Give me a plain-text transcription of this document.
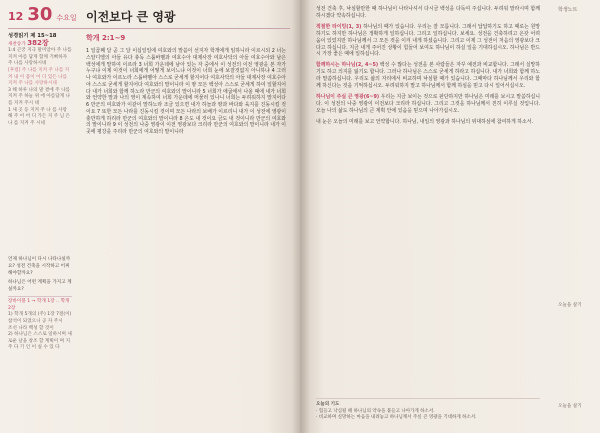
12 30 수요일 이전보다 큰 영광
성경읽기 제 15~18
새찬송가 382장
1:4 곤궁 지극 말미암아 주 나를 지켜 아름 답게 함께 기뻐하자 주 나를 사랑하시네
[후렴] 주 나를 지켜 주 나를 지켜 내 이 몸이 어 디 있든 나를 지켜 주 나를 사랑하시네
3 해 하루 나의 말 곁에 주 나를 지켜 주 하늘 위 에 아름답게 나를 지켜 주시 네
1 새 곳 등 지켜 주 나 를 사랑 해 주 어 어 디 가든 지 주 님 은 나 를 지켜 주 시네
언제 하나님이 다시 나타나실까요? 성전 건축을 시작하고 어찌 해야할까요?
하나님은 어떤 계획을 가지고 계실까요?
장바이블 1 → 학개 1장 ‥ 학개 2장
1) 학개 5개의 (주) 1장 7절(이) 참석이 되었으니 공 자 주시
조선 나라 백성 할 것이
2) 하나님은 스스로 일하시며 새로운 날을 창조 할 계획이 며 지 주 다 기 인 이 실 수 있 다
학개 2:1~9
1 일곱째 달 곧 그 달 이십일일에 여호와의 말씀이 선지자 학개에게 임하니라 이르시되 2 너는 스알디엘의 아들 유다 총독 스룹바벨과 여호수아 대제사장 여호사닥의 아들 여호수아와 남은 백성에게 말하여 이르라 3 너희 가운데에 남아 있는 자 중에서 이 성전의 이전 영광을 본 자가 누구냐 이제 이것이 너희에게 어떻게 보이느냐 이것이 너희 눈에 보잘것없지 아니하냐 4 그러나 여호와가 이르노라 스룹바벨아 스스로 굳세게 할지어다 여호사닥의 아들 대제사장 여호수아야 스스로 굳세게 할지어다 여호와의 말이니라 이 땅 모든 백성아 스스로 굳세게 하여 일할지어다 내가 너희와 함께 하노라 만군의 여호와의 말이니라 5 너희가 애굽에서 나올 때에 내가 너희와 언약한 말과 나의 영이 계속하여 너희 가운데에 머물러 있나니 너희는 두려워하지 말지어다 6 만군의 여호와가 이같이 말하노라 조금 있으면 내가 하늘과 땅과 바다와 육지를 진동시킬 것이요 7 또한 모든 나라를 진동시킬 것이며 모든 나라의 보배가 이르리니 내가 이 성전에 영광이 충만하게 하리라 만군의 여호와의 말이니라 8 은도 내 것이요 금도 내 것이니라 만군의 여호와의 말이니라 9 이 성전의 나중 영광이 이전 영광보다 크리라 만군의 여호와의 말이니라 내가 이 곳에 평강을 주리라 만군의 여호와의 말이니라
학생노트

성전 건축 후, 낙심할만한 때 하나님이 나타나셔서 다시금 백성을 다독여 주십니다. 두려워 말라시며 함께하시겠다 약속하십니다.

적절한 타이밍(1, 3) 하나님의 때가 있습니다. 우리는 잘 모릅니다. 그래서 답답하기도 하고 때로는 원망하기도 하지만 하나님은 정확하게 일하십니다. 그리고 일하십니다. 보세요. 성전을 건축하려고 온갖 어려움이 있었지만 하나님께서 그 모든 것을 이겨 내게 하셨습니다. 그리고 이제 그 성전이 처음의 영광보다 크다고 하십니다. 지금 내게 주어진 상황이 힘들어 보여도 하나님이 하실 일을 기대하십시오. 하나님은 반드시 가장 좋은 때에 일하십니다.

함께하시는 하나님(2, 4~5) 백성 수 많다는 성전을 본 사람들은 자꾸 예전과 비교합니다. 그래서 실망하기도 하고 의지를 잃기도 합니다. 그러나 하나님은 스스로 굳세게 하라고 하십니다. 내가 너희와 함께 하노라 말씀하십니다. 우리도 삶의 자리에서 비교하며 낙심할 때가 있습니다. 그때마다 하나님께서 우리와 함께 하신다는 것을 기억하십시오. 두려워하지 말고 하나님께서 함께 하심을 믿고 다시 일어서십시오.

하나님이 주실 큰 영광(6~9) 우리는 지금 보이는 것으로 판단하지만 하나님은 미래를 보시고 말씀하십니다. 이 성전의 나중 영광이 이전보다 크리라 하십니다. 그리고 그것을 하나님께서 친히 이루실 것입니다. 오늘 나의 삶도 하나님의 큰 계획 안에 있음을 믿으며 나아가십시오.

내 눈은 오늘의 미래를 보고 언약합니다. 하나님, 내일의 영광과 하나님의 위대하심에 참여하게 하소서.

오늘을 살기
오늘의 기도
· 힘들고 낙심될 때 하나님의 약속을 붙들고 나아가게 하소서.
· 비교하며 실망하는 마음을 내려놓고 하나님께서 주실 큰 영광을 기대하게 하소서.
오늘을 살기
